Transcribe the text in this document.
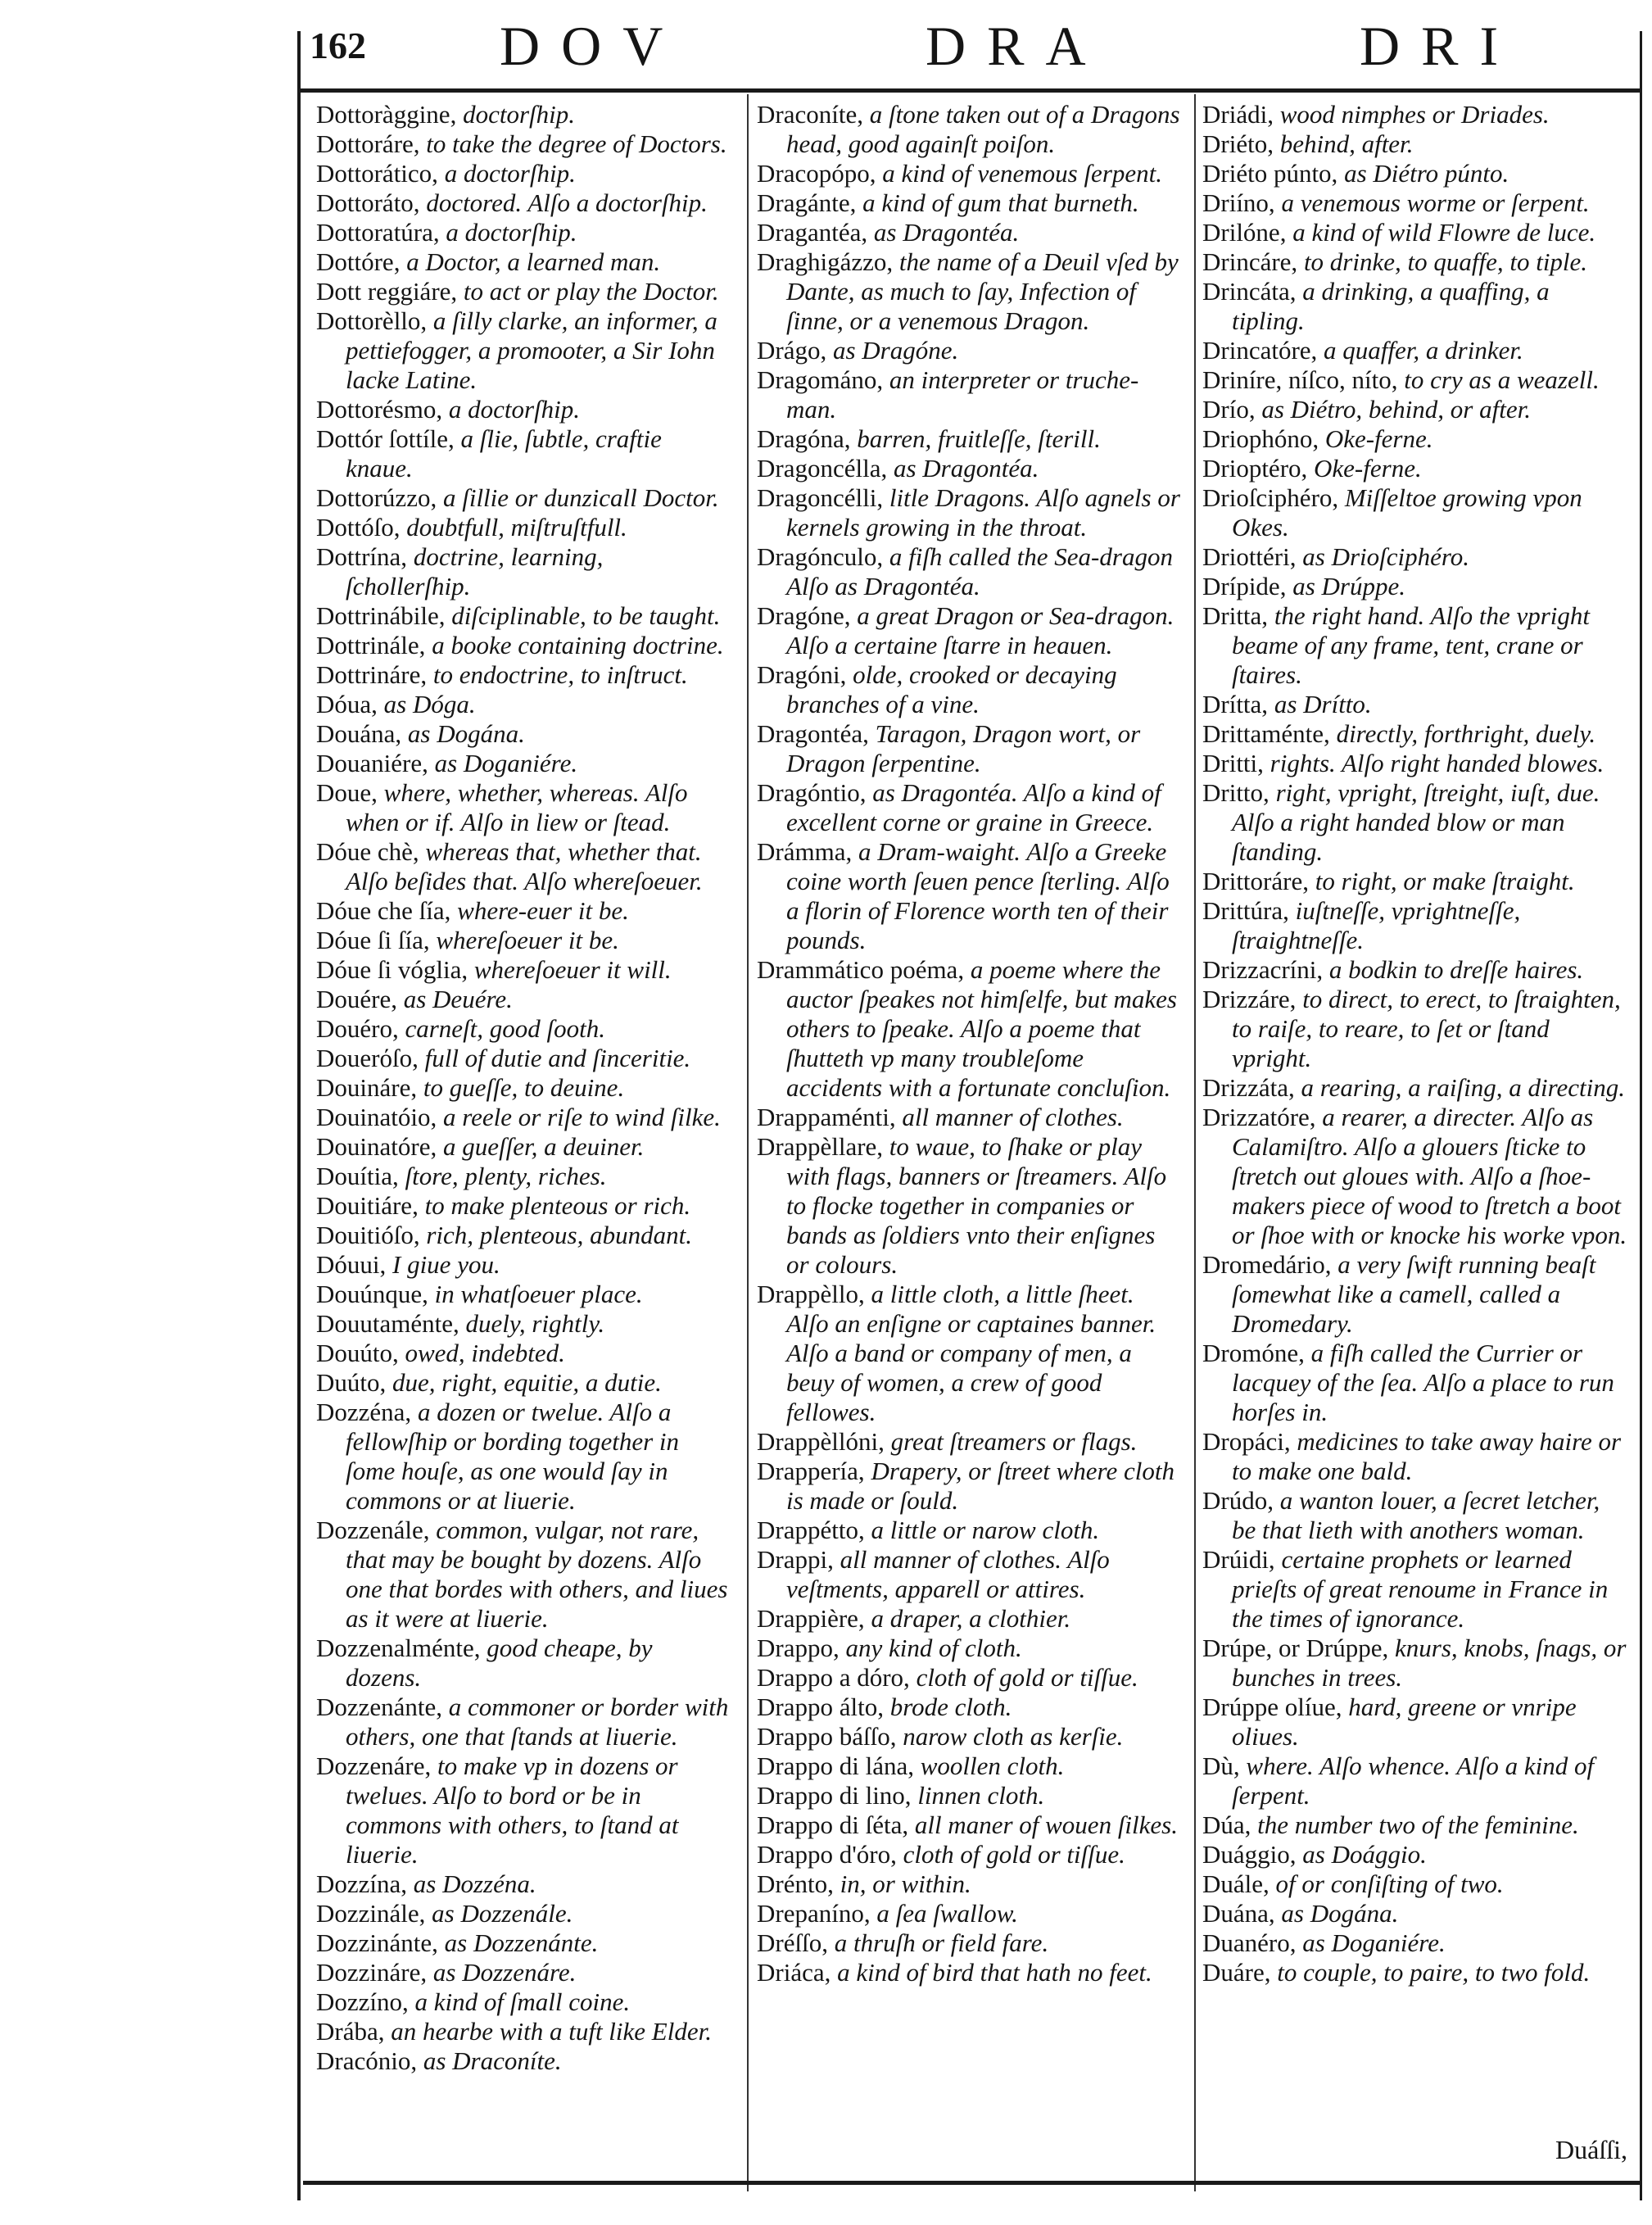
162 DOV	DRA	DRI

Dottoràggine, doctorſhip.

Dottoráre, to take the degree of Doctors.

Dottorático, a doctorſhip.

Dottoráto, doctored. Alſo a doctorſhip.

Dottoratúra, a doctorſhip.

Dottóre, a Doctor, a learned man.

Dott reggiáre, to act or play the Doctor.

Dottorèllo, a ſilly clarke, an informer, a pettiefogger, a promooter, a Sir Iohn lacke Latine.

Dottorésmo, a doctorſhip.

Dottór ſottíle, a ſlie, ſubtle, craftie knaue.

Dottorúzzo, a ſillie or dunzicall Doctor.

Dottóſo, doubtfull, miſtruſtfull.

Dottrína, doctrine, learning, ſchollerſhip.

Dottrinábile, diſciplinable, to be taught.

Dottrinále, a booke containing doctrine.

Dottrináre, to endoctrine, to inſtruct.

Dóua, as Dóga.

Douána, as Dogána.

Douaniére, as Doganiére.

Doue, where, whether, whereas. Alſo when or if. Alſo in liew or ſtead.

Dóue chè, whereas that, whether that. Alſo beſides that. Alſo whereſoeuer.

Dóue che ſía, where-euer it be.

Dóue ſi ſía, whereſoeuer it be.

Dóue ſi vóglia, whereſoeuer it will.

Douére, as Deuére.

Douéro, carneſt, good ſooth.

Douerόſo, full of dutie and ſinceritie.

Douináre, to gueſſe, to deuine.

Douinatóio, a reele or riſe to wind ſilke.

Douinatóre, a gueſſer, a deuiner.

Douítia, ſtore, plenty, riches.

Douitiáre, to make plenteous or rich.

Douitióſo, rich, plenteous, abundant.

Dóuui, I giue you.

Douúnque, in whatſoeuer place.

Douutaménte, duely, rightly.

Douúto, owed, indebted.

Duúto, due, right, equitie, a dutie.

Dozzéna, a dozen or twelue. Alſo a fellowſhip or bording together in ſome houſe, as one would ſay in commons or at liuerie.

Dozzenále, common, vulgar, not rare, that may be bought by dozens. Alſo one that bordes with others, and liues as it were at liuerie.

Dozzenalménte, good cheape, by dozens.

Dozzenánte, a commoner or border with others, one that ſtands at liuerie.

Dozzenáre, to make vp in dozens or twelues. Alſo to bord or be in commons with others, to ſtand at liuerie.

Dozzína, as Dozzéna.

Dozzinále, as Dozzenále.

Dozzinánte, as Dozzenánte.

Dozzináre, as Dozzenáre.

Dozzíno, a kind of ſmall coine.

Drába, an hearbe with a tuft like Elder.

Dracónio, as Draconíte.

Draconíte, a ſtone taken out of a Dragons head, good againſt poiſon.

Dracopópo, a kind of venemous ſerpent.

Dragánte, a kind of gum that burneth.

Dragantéa, as Dragontéa.

Draghigázzo, the name of a Deuil vſed by Dante, as much to ſay, Infection of ſinne, or a venemous Dragon.

Drágo, as Dragóne.

Dragománo, an interpreter or truche-man.

Dragóna, barren, fruitleſſe, ſterill.

Dragoncélla, as Dragontéa.

Dragoncélli, litle Dragons. Alſo agnels or kernels growing in the throat.

Dragónculo, a fiſh called the Sea-dragon Alſo as Dragontéa.

Dragóne, a great Dragon or Sea-dragon. Alſo a certaine ſtarre in heauen.

Dragóni, olde, crooked or decaying branches of a vine.

Dragontéa, Taragon, Dragon wort, or Dragon ſerpentine.

Dragóntio, as Dragontéa. Alſo a kind of excellent corne or graine in Greece.

Drámma, a Dram-waight. Alſo a Greeke coine worth ſeuen pence ſterling. Alſo a florin of Florence worth ten of their pounds.

Drammático poéma, a poeme where the auctor ſpeakes not himſelfe, but makes others to ſpeake. Alſo a poeme that ſhutteth vp many troubleſome accidents with a fortunate concluſion.

Drappaménti, all manner of clothes.

Drappèllare, to waue, to ſhake or play with flags, banners or ſtreamers. Alſo to flocke together in companies or bands as ſoldiers vnto their enſignes or colours.

Drappèllo, a little cloth, a little ſheet. Alſo an enſigne or captaines banner. Alſo a band or company of men, a beuy of women, a crew of good fellowes.

Drappèllóni, great ſtreamers or flags.

Drappería, Drapery, or ſtreet where cloth is made or ſould.

Drappétto, a little or narow cloth.

Drappi, all manner of clothes. Alſo veſtments, apparell or attires.

Drappière, a draper, a clothier.

Drappo, any kind of cloth.

Drappo a dóro, cloth of gold or tiſſue.

Drappo álto, brode cloth.

Drappo báſſo, narow cloth as kerſie.

Drappo di lána, woollen cloth.

Drappo di lino, linnen cloth.

Drappo di ſéta, all maner of wouen ſilkes.

Drappo d'óro, cloth of gold or tiſſue.

Drénto, in, or within.

Drepaníno, a ſea ſwallow.

Dréſſo, a thruſh or field fare.

Driáca, a kind of bird that hath no feet.

Driádi, wood nimphes or Driades.

Driéto, behind, after.

Driéto púnto, as Diétro púnto.

Driíno, a venemous worme or ſerpent.

Drilóne, a kind of wild Flowre de luce.

Drincáre, to drinke, to quaffe, to tiple.

Drincáta, a drinking, a quaffing, a tipling.

Drincatóre, a quaffer, a drinker.

Driníre, níſco, níto, to cry as a weazell.

Drío, as Diétro, behind, or after.

Driophóno, Oke-ferne.

Drioptéro, Oke-ferne.

Drioſciphéro, Miſſeltoe growing vpon Okes.

Driottéri, as Drioſciphéro.

Drípide, as Drúppe.

Dritta, the right hand. Alſo the vpright beame of any frame, tent, crane or ſtaires.

Drítta, as Drítto.

Drittaménte, directly, forthright, duely.

Dritti, rights. Alſo right handed blowes.

Dritto, right, vpright, ſtreight, iuſt, due. Alſo a right handed blow or man ſtanding.

Drittoráre, to right, or make ſtraight.

Drittúra, iuſtneſſe, vprightneſſe, ſtraightneſſe.

Drizzacríni, a bodkin to dreſſe haires.

Drizzáre, to direct, to erect, to ſtraighten, to raiſe, to reare, to ſet or ſtand vpright.

Drizzáta, a rearing, a raiſing, a directing.

Drizzatóre, a rearer, a directer. Alſo as Calamiſtro. Alſo a glouers ſticke to ſtretch out gloues with. Alſo a ſhoe-makers piece of wood to ſtretch a boot or ſhoe with or knocke his worke vpon.

Dromedário, a very ſwift running beaſt ſomewhat like a camell, called a Dromedary.

Dromóne, a fiſh called the Currier or lacquey of the ſea. Alſo a place to run horſes in.

Dropáci, medicines to take away haire or to make one bald.

Drúdo, a wanton louer, a ſecret letcher, be that lieth with anothers woman.

Drúidi, certaine prophets or learned prieſts of great renoume in France in the times of ignorance.

Drúpe, or Drúppe, knurs, knobs, ſnags, or bunches in trees.

Drúppe olíue, hard, greene or vnripe oliues.

Dù, where. Alſo whence. Alſo a kind of ſerpent.

Dúa, the number two of the feminine.

Duággio, as Doággio.

Duále, of or conſiſting of two.

Duána, as Dogána.

Duanéro, as Doganiére.

Duáre, to couple, to paire, to two fold.

Duáſſi,
